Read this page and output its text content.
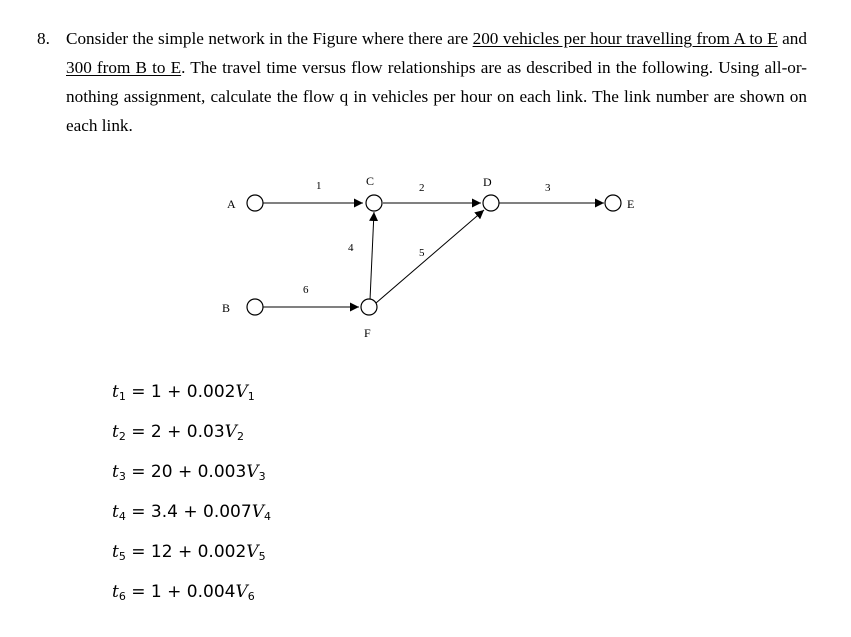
8. Consider the simple network in the Figure where there are 200 vehicles per hour travelling from A to E and 300 from B to E. The travel time versus flow relationships are as described in the following. Using all-or-nothing assignment, calculate the flow q in vehicles per hour on each link. The link number are shown on each link.
A
B
C	D
E
F
1	2	3
4	5
6
$t_1 = 1 + 0.002V_1$
$t_2 = 2 + 0.03V_2$
$t_3 = 20 + 0.003V_3$
$t_4 = 3.4 + 0.007V_4$
$t_5 = 12 + 0.002V_5$
$t_6 = 1 + 0.004V_6$
